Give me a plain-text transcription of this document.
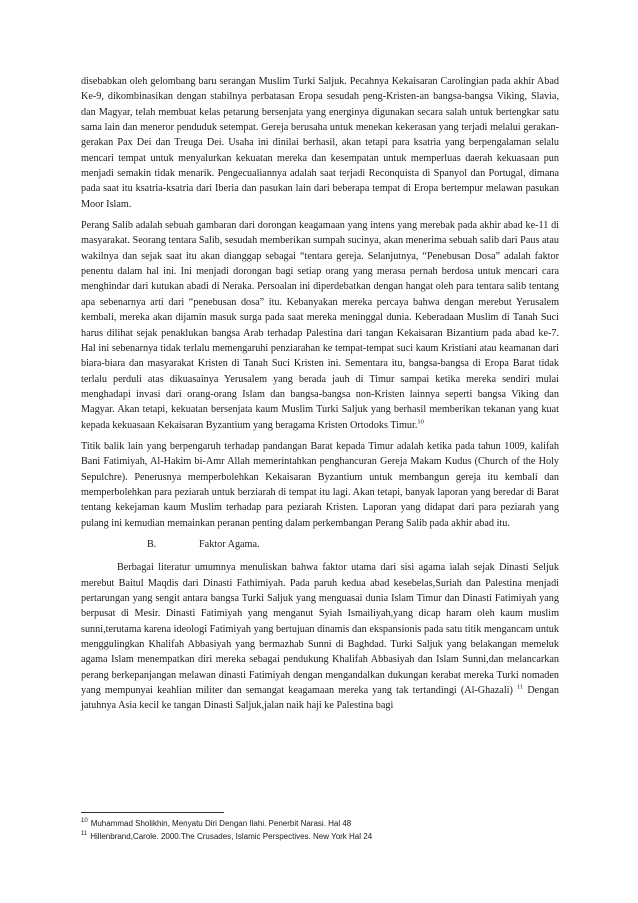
disebabkan oleh gelombang baru serangan Muslim Turki Saljuk. Pecahnya Kekaisaran Carolingian pada akhir Abad Ke-9, dikombinasikan dengan stabilnya perbatasan Eropa sesudah peng-Kristen-an bangsa-bangsa Viking, Slavia, dan Magyar, telah membuat kelas petarung bersenjata yang energinya digunakan secara salah untuk bertengkar satu sama lain dan meneror penduduk setempat. Gereja berusaha untuk menekan kekerasan yang terjadi melalui gerakan-gerakan Pax Dei dan Treuga Dei. Usaha ini dinilai berhasil, akan tetapi para ksatria yang berpengalaman selalu mencari tempat untuk menyalurkan kekuatan mereka dan kesempatan untuk memperluas daerah kekuasaan pun menjadi semakin tidak menarik. Pengecualiannya adalah saat terjadi Reconquista di Spanyol dan Portugal, dimana pada saat itu ksatria-ksatria dari Iberia dan pasukan lain dari beberapa tempat di Eropa bertempur melawan pasukan Moor Islam.

Perang Salib adalah sebuah gambaran dari dorongan keagamaan yang intens yang merebak pada akhir abad ke-11 di masyarakat. Seorang tentara Salib, sesudah memberikan sumpah sucinya, akan menerima sebuah salib dari Paus atau wakilnya dan sejak saat itu akan dianggap sebagai “tentara gereja. Selanjutnya, “Penebusan Dosa” adalah faktor penentu dalam hal ini. Ini menjadi dorongan bagi setiap orang yang merasa pernah berdosa untuk mencari cara menghindar dari kutukan abadi di Neraka. Persoalan ini diperdebatkan dengan hangat oleh para tentara salib tentang apa sebenarnya arti dari “penebusan dosa” itu. Kebanyakan mereka percaya bahwa dengan merebut Yerusalem kembali, mereka akan dijamin masuk surga pada saat mereka meninggal dunia. Keberadaan Muslim di Tanah Suci harus dilihat sejak penaklukan bangsa Arab terhadap Palestina dari tangan Kekaisaran Bizantium pada abad ke-7. Hal ini sebenarnya tidak terlalu memengaruhi penziarahan ke tempat-tempat suci kaum Kristiani atau keamanan dari biara-biara dan masyarakat Kristen di Tanah Suci Kristen ini. Sementara itu, bangsa-bangsa di Eropa Barat tidak terlalu perduli atas dikuasainya Yerusalem yang berada jauh di Timur sampai ketika mereka sendiri mulai menghadapi invasi dari orang-orang Islam dan bangsa-bangsa non-Kristen lainnya seperti bangsa Viking dan Magyar. Akan tetapi, kekuatan bersenjata kaum Muslim Turki Saljuk yang berhasil memberikan tekanan yang kuat kepada kekuasaan Kekaisaran Byzantium yang beragama Kristen Ortodoks Timur.$^{10}$

Titik balik lain yang berpengaruh terhadap pandangan Barat kepada Timur adalah ketika pada tahun 1009, kalifah Bani Fatimiyah, Al-Hakim bi-Amr Allah memerintahkan penghancuran Gereja Makam Kudus (Church of the Holy Sepulchre). Penerusnya memperbolehkan Kekaisaran Byzantium untuk membangun gereja itu kembali dan memperbolehkan para peziarah untuk berziarah di tempat itu lagi. Akan tetapi, banyak laporan yang beredar di Barat tentang kekejaman kaum Muslim terhadap para peziarah Kristen. Laporan yang didapat dari para peziarah yang pulang ini kemudian memainkan peranan penting dalam perkembangan Perang Salib pada akhir abad itu.

B.	Faktor Agama.

Berbagai literatur umumnya menuliskan bahwa faktor utama dari sisi agama ialah sejak Dinasti Seljuk merebut Baitul Maqdis dari Dinasti Fathimiyah. Pada paruh kedua abad kesebelas,Suriah dan Palestina menjadi pertarungan yang sengit antara bangsa Turki Saljuk yang menguasai dunia Islam Timur dan Dinasti Fatimiyah yang berpusat di Mesir. Dinasti Fatimiyah yang menganut Syiah Ismailiyah,yang dicap haram oleh kaum muslim sunni,terutama karena ideologi Fatimiyah yang bertujuan dinamis dan ekspansionis pada satu titik mengancam untuk menggulingkan Khalifah Abbasiyah yang bermazhab Sunni di Baghdad. Turki Saljuk yang belakangan memeluk agama Islam menempatkan diri mereka sebagai pendukung Khalifah Abbasiyah dan Islam Sunni,dan melancarkan perang berkepanjangan melawan dinasti Fatimiyah dengan mengandalkan dukungan kerabat mereka Turki nomaden yang mempunyai keahlian militer dan semangat keagamaan mereka yang tak tertandingi (Al-Ghazali) $^{11}$ Dengan jatuhnya Asia kecil ke tangan Dinasti Saljuk,jalan naik haji ke Palestina bagi

$^{10}$ Muhammad Sholikhin, Menyatu Diri Dengan Ilahi. Penerbit Narasi. Hal 48
$^{11}$ Hillenbrand,Carole. 2000.The Crusades, Islamic Perspectives. New York Hal 24
